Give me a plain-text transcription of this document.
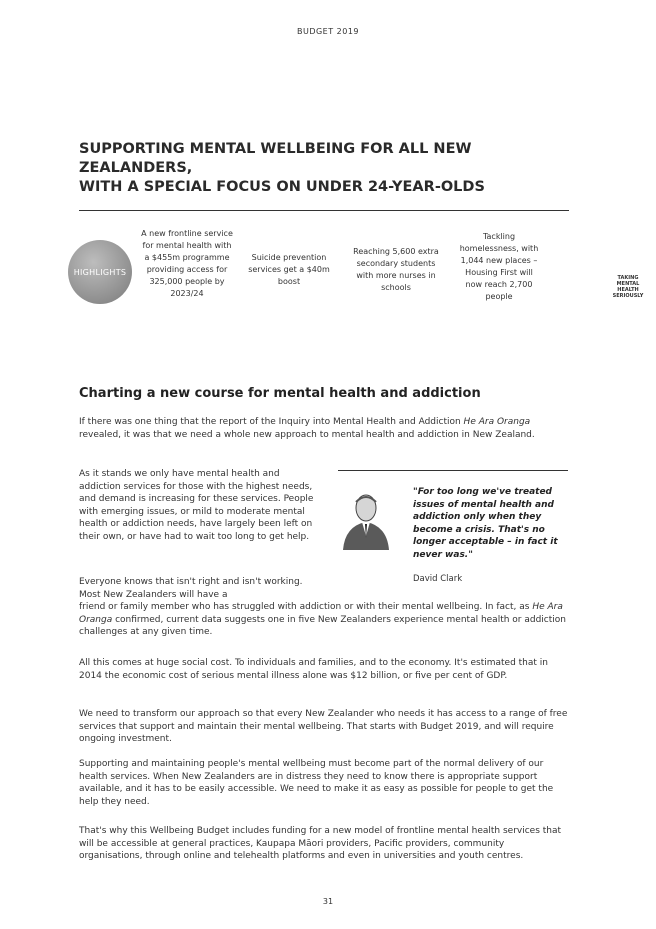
BUDGET 2019
SUPPORTING MENTAL WELLBEING FOR ALL NEW ZEALANDERS,
WITH A SPECIAL FOCUS ON UNDER 24-YEAR-OLDS
HIGHLIGHTS
A new frontline service for mental health with a $455m programme providing access for 325,000 people by 2023/24
Suicide prevention services get a $40m boost
Reaching 5,600 extra secondary students with more nurses in schools
Tackling homelessness, with 1,044 new places – Housing First will now reach 2,700 people
TAKING
MENTAL
HEALTH
SERIOUSLY
Charting a new course for mental health and addiction

If there was one thing that the report of the Inquiry into Mental Health and Addiction He Ara Oranga revealed, it was that we need a whole new approach to mental health and addiction in New Zealand.

As it stands we only have mental health and addiction services for those with the highest needs, and demand is increasing for these services. People with emerging issues, or mild to moderate mental health or addiction needs, have largely been left on their own, or have had to wait too long to get help.

"For too long we've treated issues of mental health and addiction only when they become a crisis. That's no longer acceptable – in fact it never was."
David Clark

Everyone knows that isn't right and isn't working. Most New Zealanders will have a

friend or family member who has struggled with addiction or with their mental wellbeing. In fact, as He Ara Oranga confirmed, current data suggests one in five New Zealanders experience mental health or addiction challenges at any given time.

All this comes at huge social cost. To individuals and families, and to the economy. It's estimated that in 2014 the economic cost of serious mental illness alone was $12 billion, or five per cent of GDP.

We need to transform our approach so that every New Zealander who needs it has access to a range of free services that support and maintain their mental wellbeing. That starts with Budget 2019, and will require ongoing investment.

Supporting and maintaining people's mental wellbeing must become part of the normal delivery of our health services. When New Zealanders are in distress they need to know there is appropriate support available, and it has to be easily accessible. We need to make it as easy as possible for people to get the help they need.

That's why this Wellbeing Budget includes funding for a new model of frontline mental health services that will be accessible at general practices, Kaupapa Māori providers, Pacific providers, community organisations, through online and telehealth platforms and even in universities and youth centres.

31
